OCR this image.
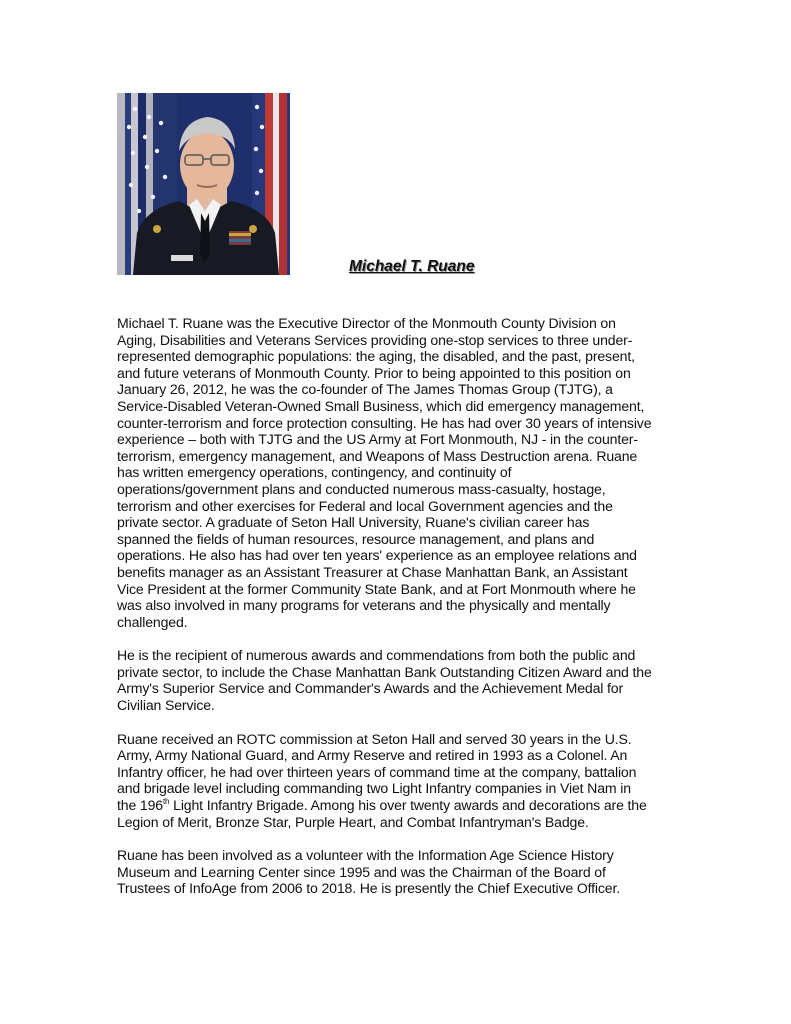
Michael T. Ruane

Michael T. Ruane was the Executive Director of the Monmouth County Division on
Aging, Disabilities and Veterans Services providing one-stop services to three under-
represented demographic populations: the aging, the disabled, and the past, present,
and future veterans of Monmouth County. Prior to being appointed to this position on
January 26, 2012, he was the co-founder of The James Thomas Group (TJTG), a
Service-Disabled Veteran-Owned Small Business, which did emergency management,
counter-terrorism and force protection consulting. He has had over 30 years of intensive
experience – both with TJTG and the US Army at Fort Monmouth, NJ - in the counter-
terrorism, emergency management, and Weapons of Mass Destruction arena. Ruane
has written emergency operations, contingency, and continuity of
operations/government plans and conducted numerous mass-casualty, hostage,
terrorism and other exercises for Federal and local Government agencies and the
private sector. A graduate of Seton Hall University, Ruane's civilian career has
spanned the fields of human resources, resource management, and plans and
operations. He also has had over ten years' experience as an employee relations and
benefits manager as an Assistant Treasurer at Chase Manhattan Bank, an Assistant
Vice President at the former Community State Bank, and at Fort Monmouth where he
was also involved in many programs for veterans and the physically and mentally
challenged.

He is the recipient of numerous awards and commendations from both the public and
private sector, to include the Chase Manhattan Bank Outstanding Citizen Award and the
Army's Superior Service and Commander's Awards and the Achievement Medal for
Civilian Service.

Ruane received an ROTC commission at Seton Hall and served 30 years in the U.S.
Army, Army National Guard, and Army Reserve and retired in 1993 as a Colonel. An
Infantry officer, he had over thirteen years of command time at the company, battalion
and brigade level including commanding two Light Infantry companies in Viet Nam in
the 196th Light Infantry Brigade. Among his over twenty awards and decorations are the
Legion of Merit, Bronze Star, Purple Heart, and Combat Infantryman's Badge.

Ruane has been involved as a volunteer with the Information Age Science History
Museum and Learning Center since 1995 and was the Chairman of the Board of
Trustees of InfoAge from 2006 to 2018. He is presently the Chief Executive Officer.
